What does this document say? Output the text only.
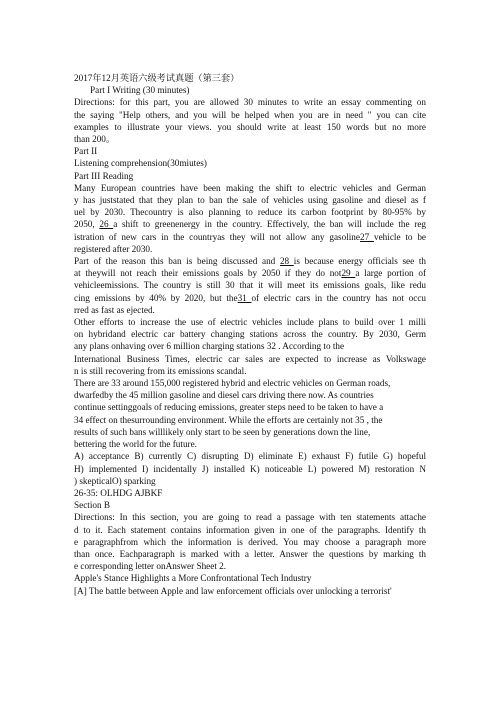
2017年12月英语六级考试真题（第三套）
Part I Writing (30 minutes)
Directions: for this part, you are allowed 30 minutes to write an essay commenting on
the saying "Help others, and you will be helped when you are in need " you can cite
examples to illustrate your views. you should write at least 150 words but no more
than 200。
Part II
Listening comprehension(30miutes)
Part III Reading
Many European countries have been making the shift to electric vehicles and German
y has juststated that they plan to ban the sale of vehicles using gasoline and diesel as f
uel by 2030. Thecountry is also planning to reduce its carbon footprint by 80-95% by
2050, 26 a shift to greenenergy in the country. Effectively, the ban will include the reg
istration of new cars in the countryas they will not allow any gasoline27 vehicle to be
registered after 2030.
Part of the reason this ban is being discussed and 28 is because energy officials see th
at theywill not reach their emissions goals by 2050 if they do not29 a large portion of
vehicleemissions. The country is still 30 that it will meet its emissions goals, like redu
cing emissions by 40% by 2020, but the31 of electric cars in the country has not occu
rred as fast as ejected.
Other efforts to increase the use of electric vehicles include plans to build over 1 milli
on hybridand electric car battery changing stations across the country. By 2030, Germ
any plans onhaving over 6 million charging stations 32 . According to the
International Business Times, electric car sales are expected to increase as Volkswage
n is still recovering from its emissions scandal.
There are 33 around 155,000 registered hybrid and electric vehicles on German roads,
dwarfedby the 45 million gasoline and diesel cars driving there now. As countries
continue settinggoals of reducing emissions, greater steps need to be taken to have a
34 effect on thesurrounding environment. While the efforts are certainly not 35 , the
results of such bans willlikely only start to be seen by generations down the line,
bettering the world for the future.
A) acceptance B) currently C) disrupting D) eliminate E) exhaust F) futile G) hopeful
H) implemented I) incidentally J) installed K) noticeable L) powered M) restoration N
) skepticalO) sparking
26-35: OLHDG AJBKF
Section B
Directions: In this section, you are going to read a passage with ten statements attache
d to it. Each statement contains information given in one of the paragraphs. Identify th
e paragraphfrom which the information is derived. You may choose a paragraph more
than once. Eachparagraph is marked with a letter. Answer the questions by marking th
e corresponding letter onAnswer Sheet 2.
Apple's Stance Highlights a More Confrontational Tech Industry
[A] The battle between Apple and law enforcement officials over unlocking a terrorist'
